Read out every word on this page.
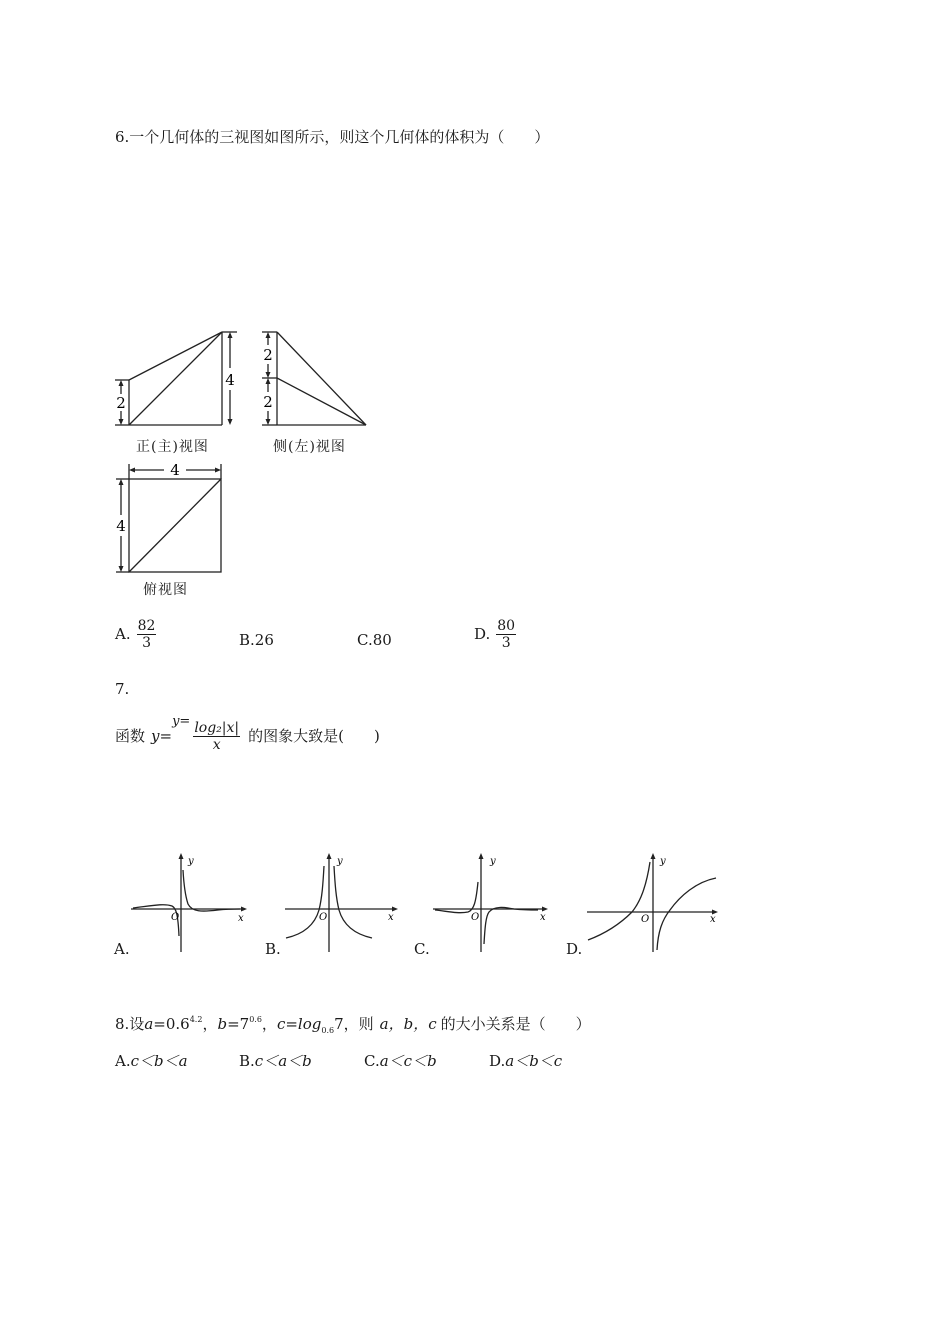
6.一个几何体的三视图如图所示，则这个几何体的体积为（　　）
2
4
正(主)视图
2
2
侧(左)视图
4
4
俯视图
A. $\frac{82}{3}$	B.26	C.80	D. $\frac{80}{3}$
7.
函数 y=
$y= \frac{\text{log₂|x|}}{x}$ 的图象大致是(　　)
y
x
O
A.
y
x
O
B.
y
x
O
C.
y
x
O
D.
8.设$a=0.6^{4.2}$，$b=7^{0.6}$，$c=\log_{0.6}7$，则 a，b，c 的大小关系是（　　）
A.c＜b＜a	B.c＜a＜b	C.a＜c＜b	D.a＜b＜c
